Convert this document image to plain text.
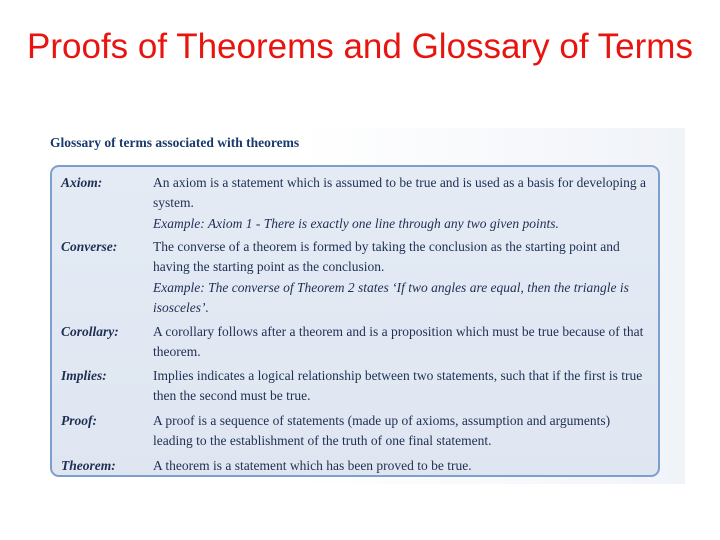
Proofs of Theorems and Glossary of Terms
Glossary of terms associated with theorems
Axiom:	An axiom is a statement which is assumed to be true and is used as a basis for developing a system.
Example: Axiom 1 - There is exactly one line through any two given points.
Converse:	The converse of a theorem is formed by taking the conclusion as the starting point and having the starting point as the conclusion.
Example: The converse of Theorem 2 states ‘If two angles are equal, then the triangle is isosceles’.
Corollary:	A corollary follows after a theorem and is a proposition which must be true because of that theorem.
Implies:	Implies indicates a logical relationship between two statements, such that if the first is true then the second must be true.
Proof:	A proof is a sequence of statements (made up of axioms, assumption and arguments) leading to the establishment of the truth of one final statement.
Theorem:	A theorem is a statement which has been proved to be true.
